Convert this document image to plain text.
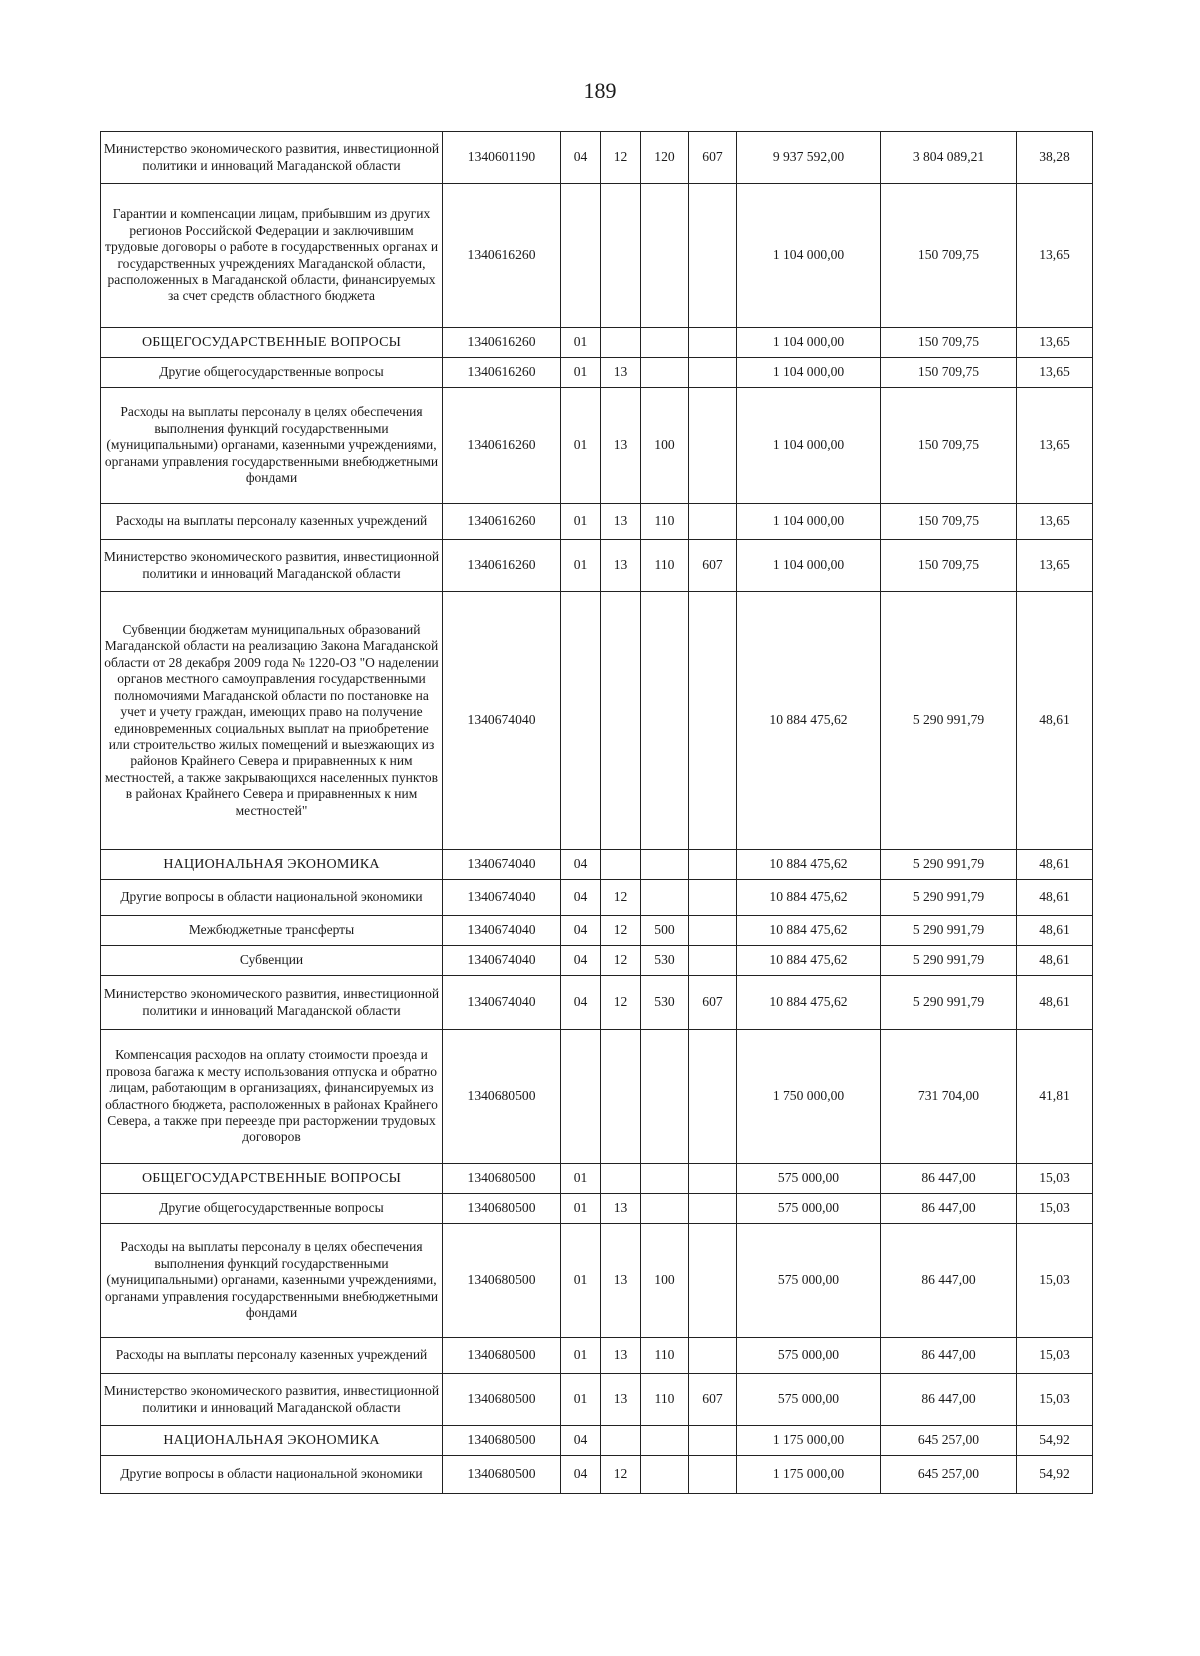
189
Министерство экономического развития, инвестиционной политики и инноваций Магаданской области	1340601190	04	12	120	607	9 937 592,00	3 804 089,21	38,28
Гарантии и компенсации лицам, прибывшим из других регионов Российской Федерации и заключившим трудовые договоры о работе в государственных органах и государственных учреждениях Магаданской области, расположенных в Магаданской области, финансируемых за счет средств областного бюджета	1340616260					1 104 000,00	150 709,75	13,65
ОБЩЕГОСУДАРСТВЕННЫЕ ВОПРОСЫ	1340616260	01				1 104 000,00	150 709,75	13,65
Другие общегосударственные вопросы	1340616260	01	13			1 104 000,00	150 709,75	13,65
Расходы на выплаты персоналу в целях обеспечения выполнения функций государственными (муниципальными) органами, казенными учреждениями, органами управления государственными внебюджетными фондами	1340616260	01	13	100		1 104 000,00	150 709,75	13,65
Расходы на выплаты персоналу казенных учреждений	1340616260	01	13	110		1 104 000,00	150 709,75	13,65
Министерство экономического развития, инвестиционной политики и инноваций Магаданской области	1340616260	01	13	110	607	1 104 000,00	150 709,75	13,65
Субвенции бюджетам муниципальных образований Магаданской области на реализацию Закона Магаданской области от 28 декабря 2009 года № 1220-ОЗ "О наделении органов местного самоуправления государственными полномочиями Магаданской области по постановке на учет и учету граждан, имеющих право на получение единовременных социальных выплат на приобретение или строительство жилых помещений и выезжающих из районов Крайнего Севера и приравненных к ним местностей, а также закрывающихся населенных пунктов в районах Крайнего Севера и приравненных к ним местностей"	1340674040					10 884 475,62	5 290 991,79	48,61
НАЦИОНАЛЬНАЯ ЭКОНОМИКА	1340674040	04				10 884 475,62	5 290 991,79	48,61
Другие вопросы в области национальной экономики	1340674040	04	12			10 884 475,62	5 290 991,79	48,61
Межбюджетные трансферты	1340674040	04	12	500		10 884 475,62	5 290 991,79	48,61
Субвенции	1340674040	04	12	530		10 884 475,62	5 290 991,79	48,61
Министерство экономического развития, инвестиционной политики и инноваций Магаданской области	1340674040	04	12	530	607	10 884 475,62	5 290 991,79	48,61
Компенсация расходов на оплату стоимости проезда и провоза багажа к месту использования отпуска и обратно лицам, работающим в организациях, финансируемых из областного бюджета, расположенных в районах Крайнего Севера, а также при переезде при расторжении трудовых договоров	1340680500					1 750 000,00	731 704,00	41,81
ОБЩЕГОСУДАРСТВЕННЫЕ ВОПРОСЫ	1340680500	01				575 000,00	86 447,00	15,03
Другие общегосударственные вопросы	1340680500	01	13			575 000,00	86 447,00	15,03
Расходы на выплаты персоналу в целях обеспечения выполнения функций государственными (муниципальными) органами, казенными учреждениями, органами управления государственными внебюджетными фондами	1340680500	01	13	100		575 000,00	86 447,00	15,03
Расходы на выплаты персоналу казенных учреждений	1340680500	01	13	110		575 000,00	86 447,00	15,03
Министерство экономического развития, инвестиционной политики и инноваций Магаданской области	1340680500	01	13	110	607	575 000,00	86 447,00	15,03
НАЦИОНАЛЬНАЯ ЭКОНОМИКА	1340680500	04				1 175 000,00	645 257,00	54,92
Другие вопросы в области национальной экономики	1340680500	04	12			1 175 000,00	645 257,00	54,92
